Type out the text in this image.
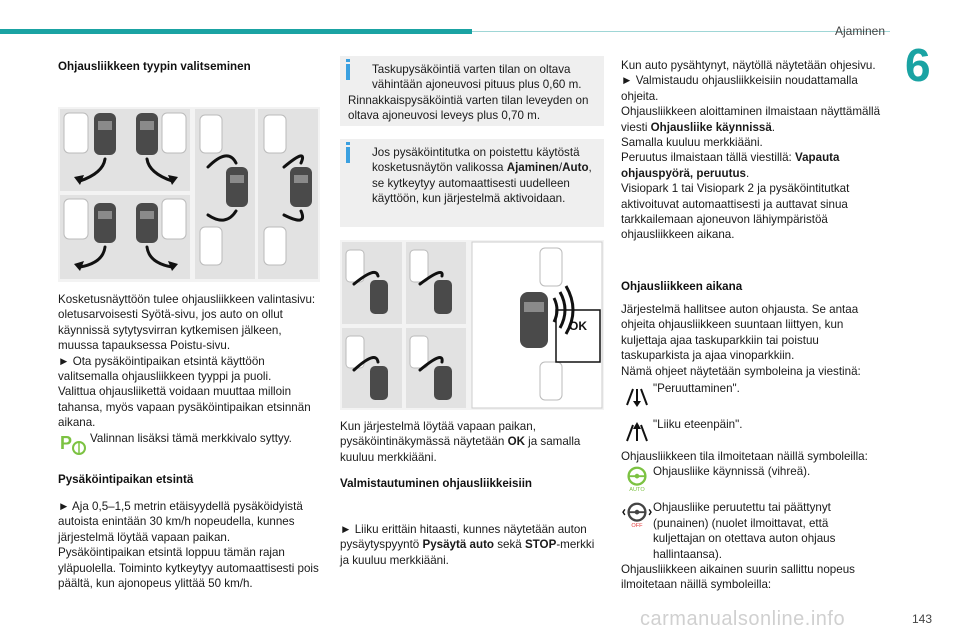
Ajaminen
6
Ohjausliikkeen tyypin valitseminen

Kosketusnäyttöön tulee ohjausliikkeen valintasivu: oletusarvoisesti Syötä-sivu, jos auto on ollut käynnissä sytytysvirran kytkemisen jälkeen, muussa tapauksessa Poistu-sivu.

► Ota pysäköintipaikan etsintä käyttöön valitsemalla ohjausliikkeen tyyppi ja puoli.

Valittua ohjausliikettä voidaan muuttaa milloin tahansa, myös vapaan pysäköintipaikan etsinnän aikana.

P Valinnan lisäksi tämä merkkivalo syttyy.

Pysäköintipaikan etsintä

► Aja 0,5–1,5 metrin etäisyydellä pysäköidyistä autoista enintään 30 km/h nopeudella, kunnes järjestelmä löytää vapaan paikan.

Pysäköintipaikan etsintä loppuu tämän rajan yläpuolella. Toiminto kytkeytyy automaattisesti pois päältä, kun ajonopeus ylittää 50 km/h.

Taskupysäköintiä varten tilan on oltava vähintään ajoneuvosi pituus plus 0,60 m.

Rinnakkaispysäköintiä varten tilan leveyden on oltava ajoneuvosi leveys plus 0,70 m.

Jos pysäköintitutka on poistettu käytöstä kosketusnäytön valikossa Ajaminen/Auto, se kytkeytyy automaattisesti uudelleen käyttöön, kun järjestelmä aktivoidaan.

OK

Kun järjestelmä löytää vapaan paikan, pysäköintinäkymässä näytetään OK ja samalla kuuluu merkkiääni.

Valmistautuminen ohjausliikkeisiin

► Liiku erittäin hitaasti, kunnes näytetään auton pysäytyspyyntö Pysäytä auto sekä STOP-merkki ja kuuluu merkkiääni.

Kun auto pysähtynyt, näytöllä näytetään ohjesivu.

► Valmistaudu ohjausliikkeisiin noudattamalla ohjeita.

Ohjausliikkeen aloittaminen ilmaistaan näyttämällä viesti Ohjausliike käynnissä.

Samalla kuuluu merkkiääni.

Peruutus ilmaistaan tällä viestillä: Vapauta ohjauspyörä, peruutus.

Visiopark 1 tai Visiopark 2 ja pysäköintitutkat aktivoituvat automaattisesti ja auttavat sinua tarkkailemaan ajoneuvon lähiympäristöä ohjausliikkeen aikana.

Ohjausliikkeen aikana

Järjestelmä hallitsee auton ohjausta. Se antaa ohjeita ohjausliikkeen suuntaan liittyen, kun kuljettaja ajaa taskuparkkiin tai poistuu taskuparkista ja ajaa vinoparkkiin.

Nämä ohjeet näytetään symboleina ja viestinä:

"Peruuttaminen".

"Liiku eteenpäin".

Ohjausliikkeen tila ilmoitetaan näillä symboleilla:

AUTO

Ohjausliike käynnissä (vihreä).

OFF

Ohjausliike peruutettu tai päättynyt (punainen) (nuolet ilmoittavat, että kuljettajan on otettava auton ohjaus hallintaansa).

Ohjausliikkeen aikainen suurin sallittu nopeus ilmoitetaan näillä symboleilla:

carmanualsonline.info	143
